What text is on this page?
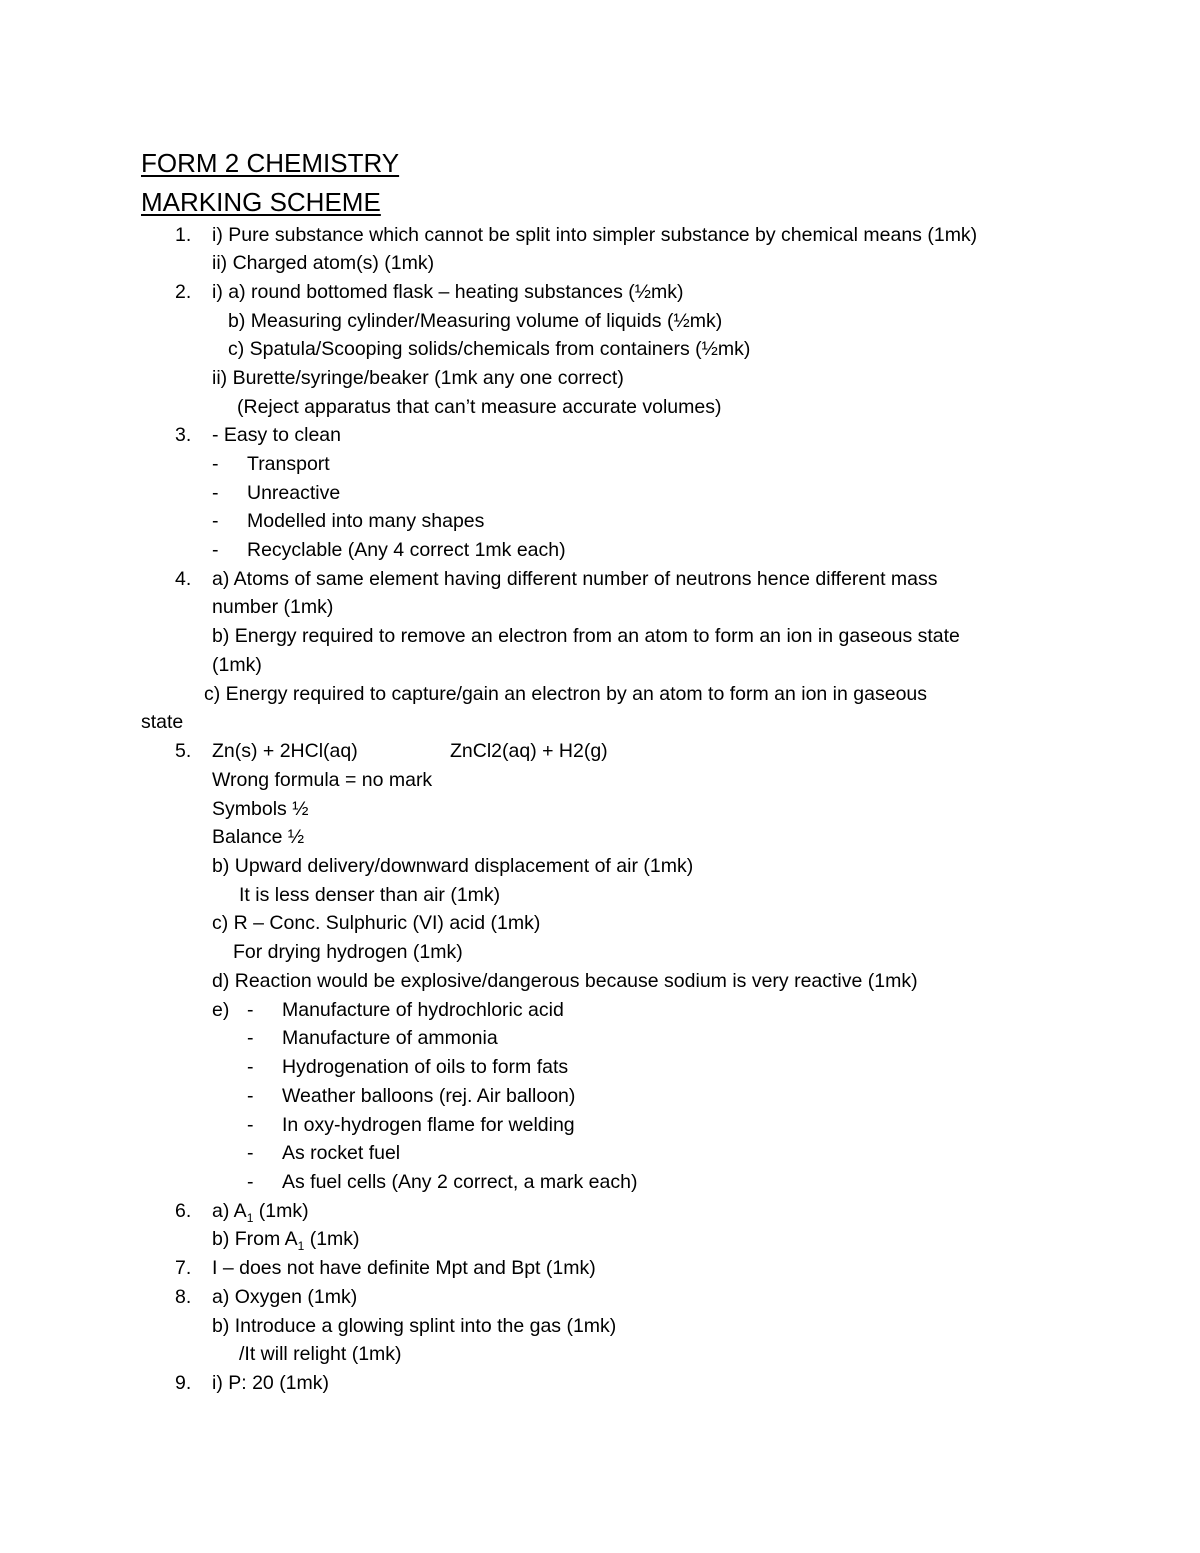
FORM 2 CHEMISTRY
MARKING SCHEME
1. i) Pure substance which cannot be split into simpler substance by chemical means (1mk)
ii) Charged atom(s) (1mk)
2. i) a) round bottomed flask – heating substances (½mk)
b) Measuring cylinder/Measuring volume of liquids (½mk)
c) Spatula/Scooping solids/chemicals from containers (½mk)
ii) Burette/syringe/beaker (1mk any one correct)
(Reject apparatus that can’t measure accurate volumes)
3. - Easy to clean
- Transport
- Unreactive
- Modelled into many shapes
- Recyclable (Any 4 correct 1mk each)
4. a) Atoms of same element having different number of neutrons hence different mass
number (1mk)
b) Energy required to remove an electron from an atom to form an ion in gaseous state
(1mk)
c) Energy required to capture/gain an electron by an atom to form an ion in gaseous
state
5. Zn(s) + 2HCl(aq)	ZnCl2(aq) + H2(g)
Wrong formula = no mark
Symbols ½
Balance ½
b) Upward delivery/downward displacement of air (1mk)
It is less denser than air (1mk)
c) R – Conc. Sulphuric (VI) acid (1mk)
For drying hydrogen (1mk)
d) Reaction would be explosive/dangerous because sodium is very reactive (1mk)
e) - Manufacture of hydrochloric acid
- Manufacture of ammonia
- Hydrogenation of oils to form fats
- Weather balloons (rej. Air balloon)
- In oxy-hydrogen flame for welding
- As rocket fuel
- As fuel cells (Any 2 correct, a mark each)
6. a) $A_1$ (1mk)
b) From $A_1$ (1mk)
7. I – does not have definite Mpt and Bpt (1mk)
8. a) Oxygen (1mk)
b) Introduce a glowing splint into the gas (1mk)
/It will relight (1mk)
9. i) P: 20 (1mk)
